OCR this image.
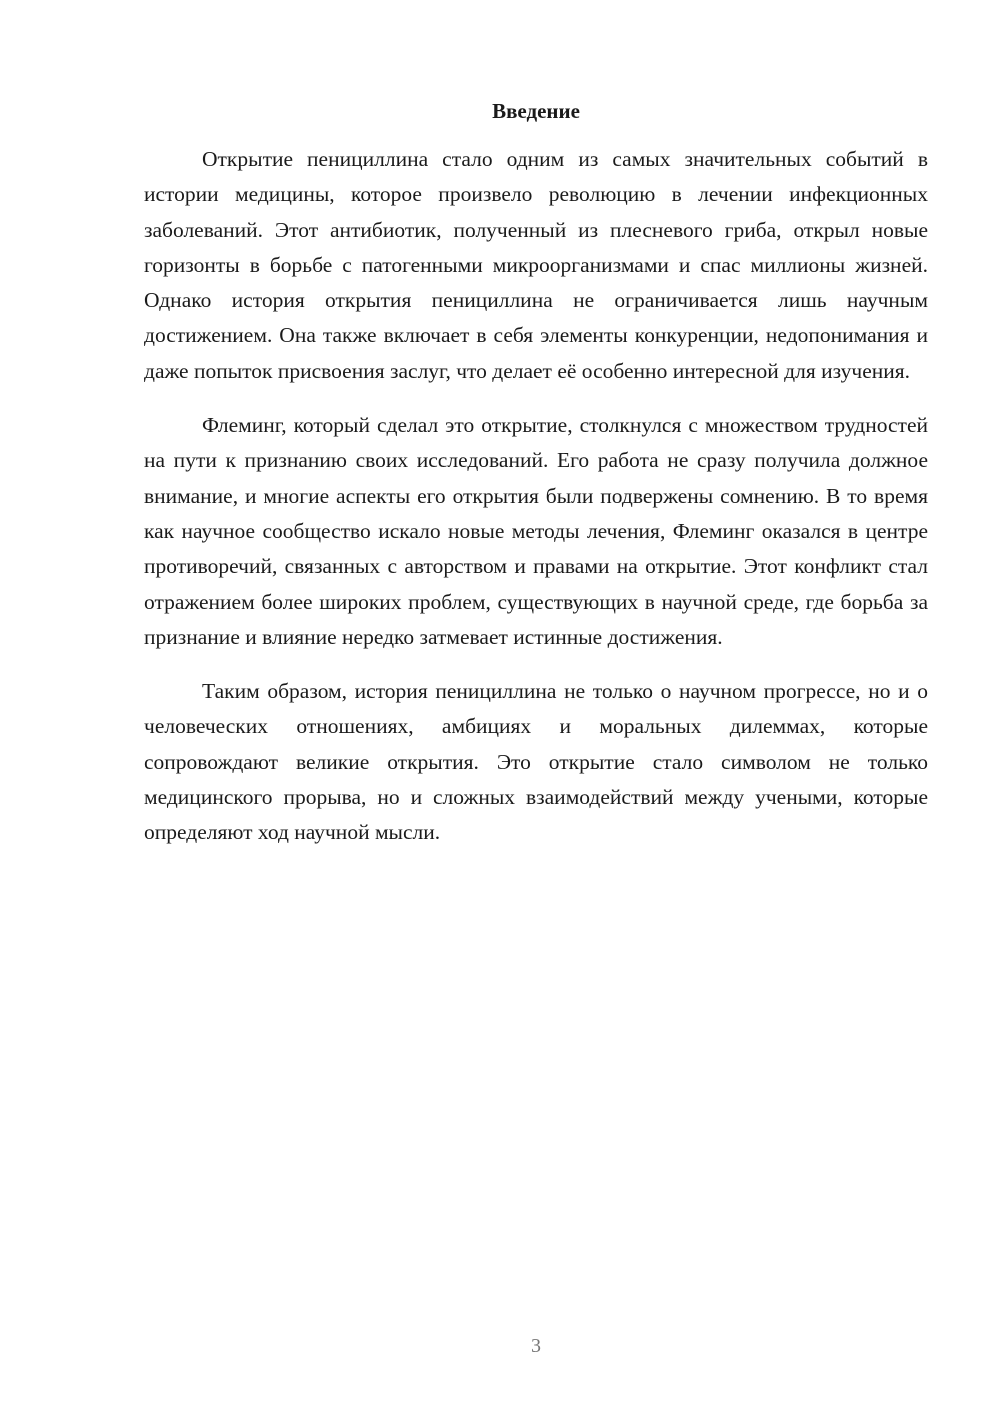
Введение

Открытие пенициллина стало одним из самых значительных событий в истории медицины, которое произвело революцию в лечении инфекционных заболеваний. Этот антибиотик, полученный из плесневого гриба, открыл новые горизонты в борьбе с патогенными микроорганизмами и спас миллионы жизней. Однако история открытия пенициллина не ограничивается лишь научным достижением. Она также включает в себя элементы конкуренции, недопонимания и даже попыток присвоения заслуг, что делает её особенно интересной для изучения.

Флеминг, который сделал это открытие, столкнулся с множеством трудностей на пути к признанию своих исследований. Его работа не сразу получила должное внимание, и многие аспекты его открытия были подвержены сомнению. В то время как научное сообщество искало новые методы лечения, Флеминг оказался в центре противоречий, связанных с авторством и правами на открытие. Этот конфликт стал отражением более широких проблем, существующих в научной среде, где борьба за признание и влияние нередко затмевает истинные достижения.

Таким образом, история пенициллина не только о научном прогрессе, но и о человеческих отношениях, амбициях и моральных дилеммах, которые сопровождают великие открытия. Это открытие стало символом не только медицинского прорыва, но и сложных взаимодействий между учеными, которые определяют ход научной мысли.

3
